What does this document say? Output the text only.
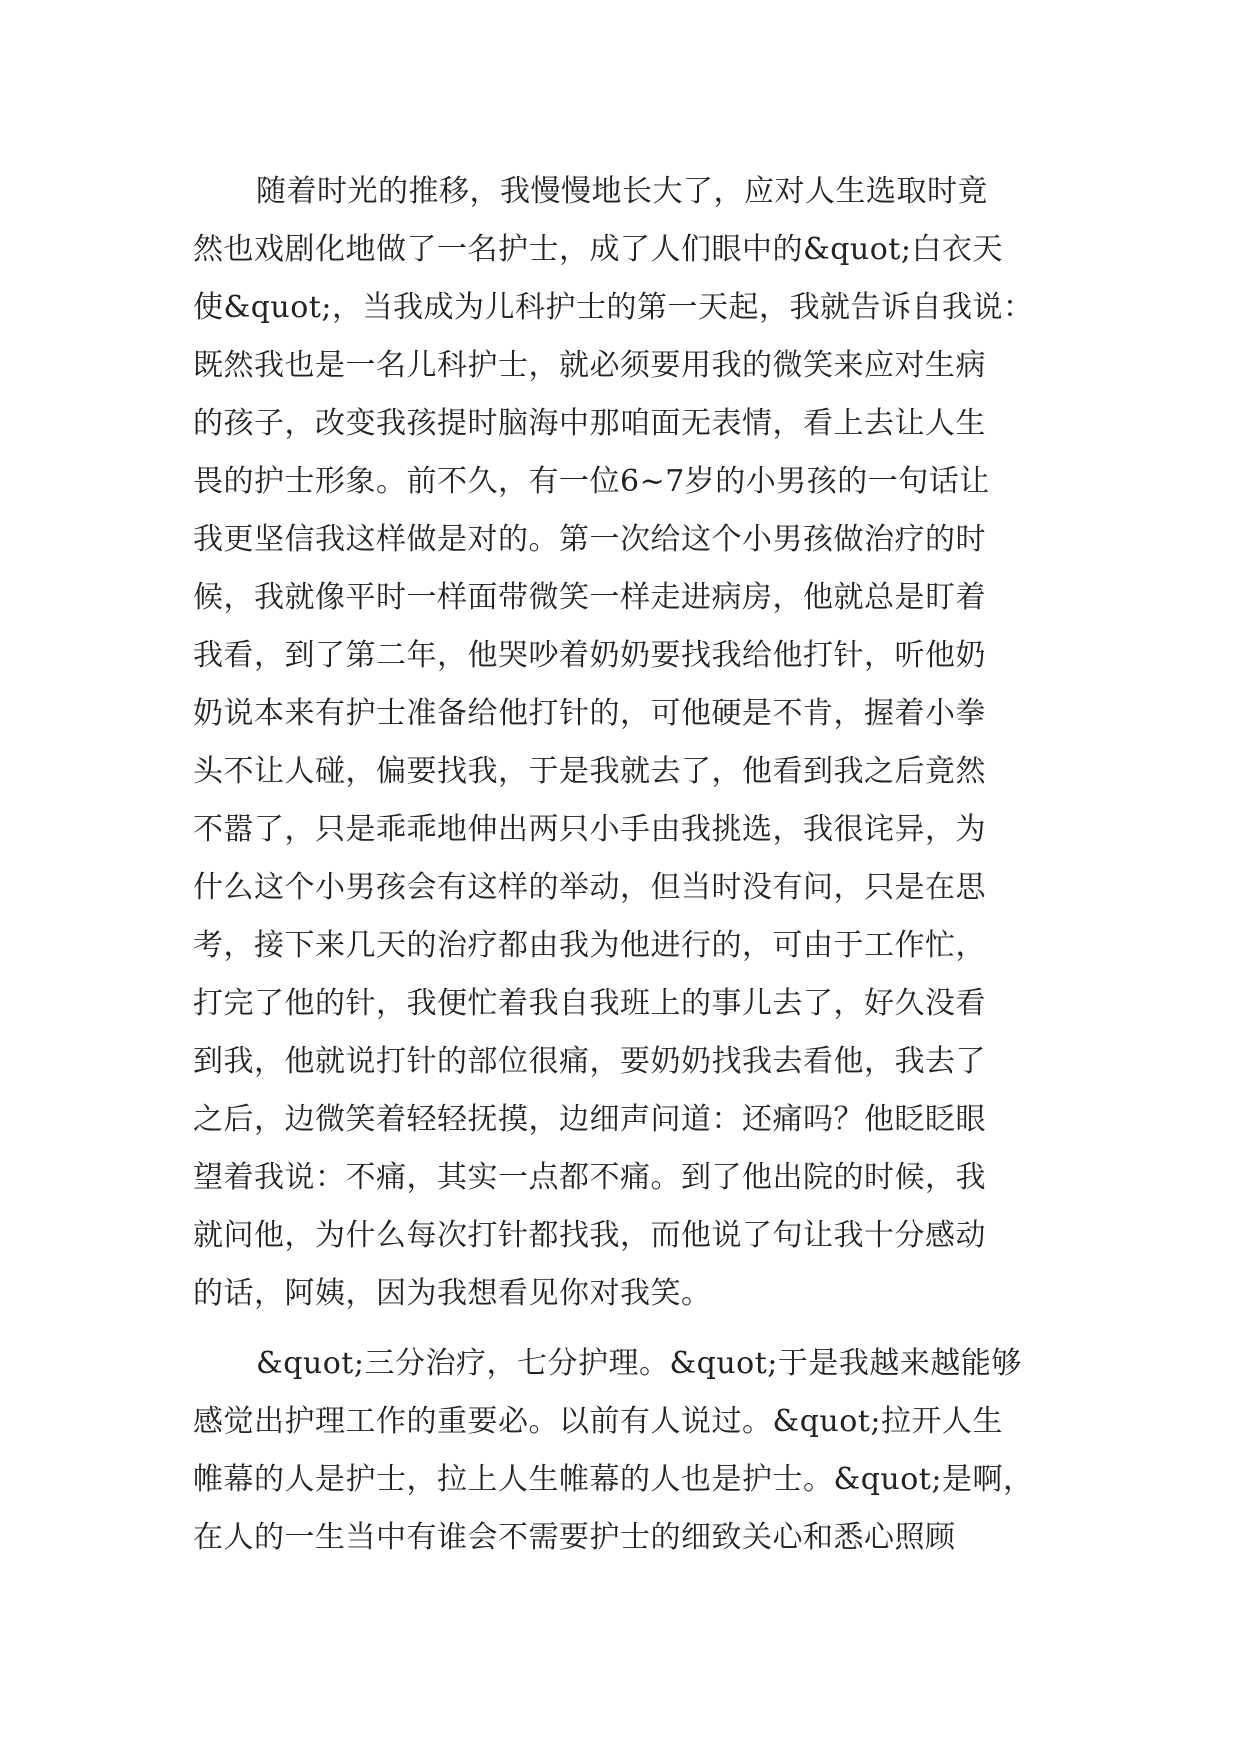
随着时光的推移，我慢慢地长大了，应对人生选取时竟
然也戏剧化地做了一名护士，成了人们眼中的&quot;白衣天
使&quot;，当我成为儿科护士的第一天起，我就告诉自我说：
既然我也是一名儿科护士，就必须要用我的微笑来应对生病
的孩子，改变我孩提时脑海中那咱面无表情，看上去让人生
畏的护士形象。前不久，有一位6~7岁的小男孩的一句话让
我更坚信我这样做是对的。第一次给这个小男孩做治疗的时
候，我就像平时一样面带微笑一样走进病房，他就总是盯着
我看，到了第二年，他哭吵着奶奶要找我给他打针，听他奶
奶说本来有护士准备给他打针的，可他硬是不肯，握着小拳
头不让人碰，偏要找我，于是我就去了，他看到我之后竟然
不嚣了，只是乖乖地伸出两只小手由我挑选，我很诧异，为
什么这个小男孩会有这样的举动，但当时没有问，只是在思
考，接下来几天的治疗都由我为他进行的，可由于工作忙，
打完了他的针，我便忙着我自我班上的事儿去了，好久没看
到我，他就说打针的部位很痛，要奶奶找我去看他，我去了
之后，边微笑着轻轻抚摸，边细声问道：还痛吗？他眨眨眼
望着我说：不痛，其实一点都不痛。到了他出院的时候，我
就问他，为什么每次打针都找我，而他说了句让我十分感动
的话，阿姨，因为我想看见你对我笑。
&quot;三分治疗，七分护理。&quot;于是我越来越能够
感觉出护理工作的重要必。以前有人说过。&quot;拉开人生
帷幕的人是护士，拉上人生帷幕的人也是护士。&quot;是啊，
在人的一生当中有谁会不需要护士的细致关心和悉心照顾
